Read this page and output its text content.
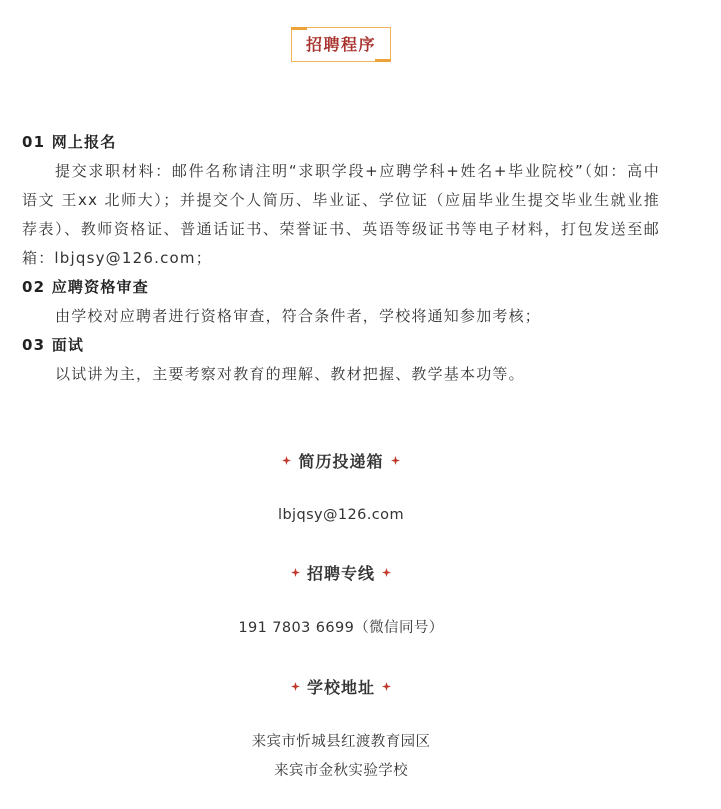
招聘程序
01 网上报名

提交求职材料：邮件名称请注明“求职学段+应聘学科+姓名+毕业院校”（如：高中 语文 王xx 北师大）；并提交个人简历、毕业证、学位证（应届毕业生提交毕业生就业推荐表）、教师资格证、普通话证书、荣誉证书、英语等级证书等电子材料，打包发送至邮箱：lbjqsy@126.com；

02 应聘资格审查

由学校对应聘者进行资格审查，符合条件者，学校将通知参加考核；

03 面试

以试讲为主，主要考察对教育的理解、教材把握、教学基本功等。

简历投递箱
lbjqsy@126.com
招聘专线
191 7803 6699（微信同号）
学校地址
来宾市忻城县红渡教育园区
来宾市金秋实验学校
